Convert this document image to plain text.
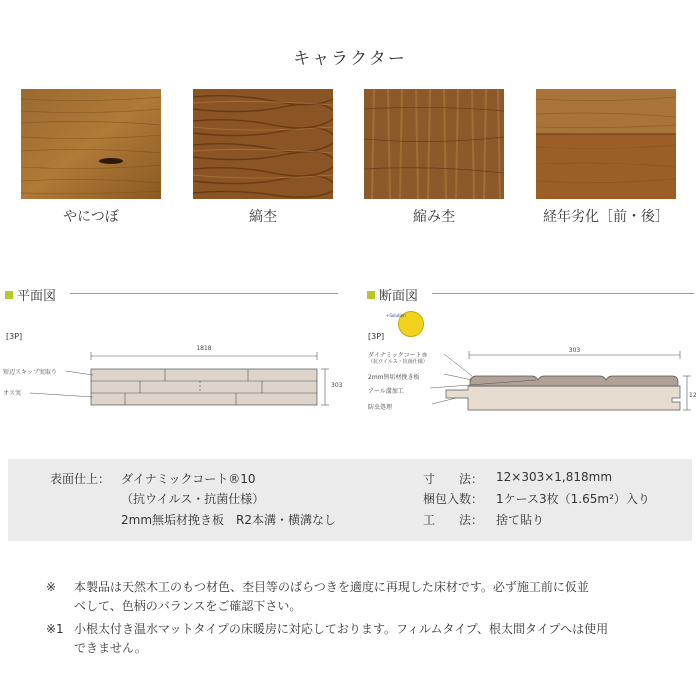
キャラクター
やにつぼ	縞杢	縮み杢	経年劣化［前・後］
平面図	断面図
[3P]
1818
短辺スキップ実取り
オス実
303
[3P]
+Solution
303
12
ダイナミックコート®
（抗ウイルス・抗菌仕様）
2mm無垢材挽き板
アール溝加工
防虫処理
表面仕上： ダイナミックコート®10
（抗ウイルス・抗菌仕様）
2mm無垢材挽き板　R2本溝・横溝なし
寸　　法： 12×303×1,818mm
梱包入数： 1ケース3枚（1.65m²）入り
工　　法： 捨て貼り
※	本製品は天然木工のもつ材色、杢目等のばらつきを適度に再現した床材です。必ず施工前に仮並
べして、色柄のバランスをご確認下さい。
※1 小根太付き温水マットタイプの床暖房に対応しております。フィルムタイプ、根太間タイプへは使用
できません。
